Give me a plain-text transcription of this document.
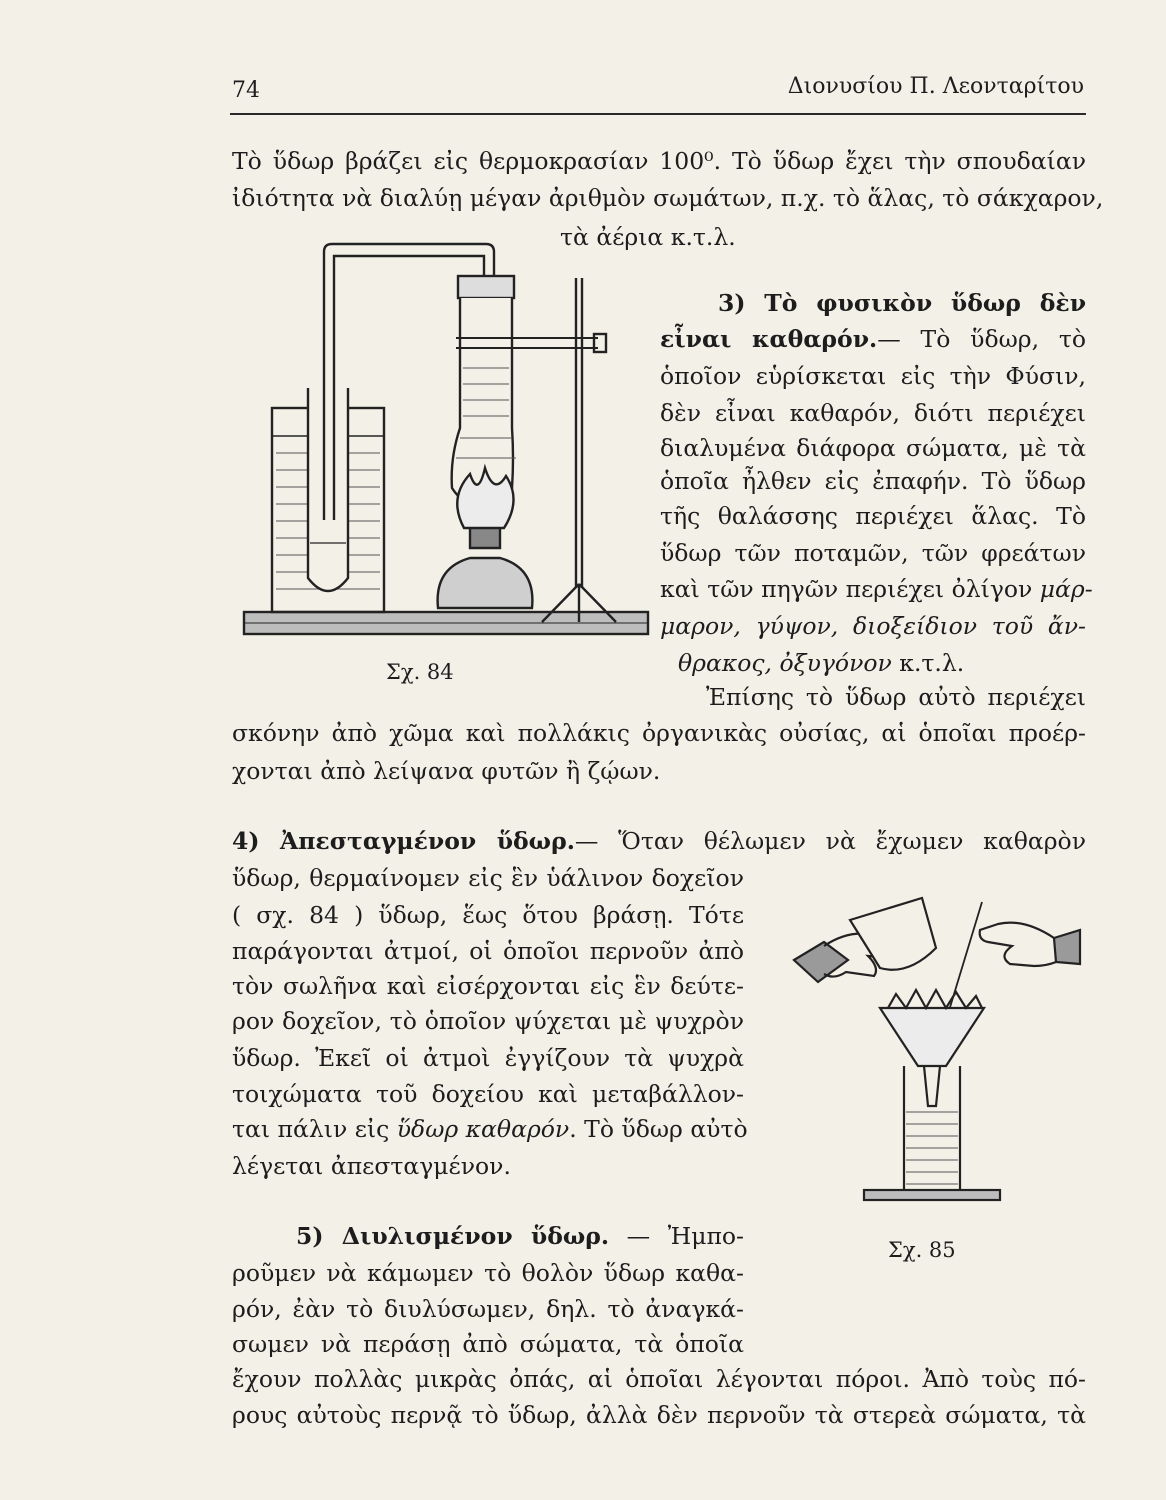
74	Διονυσίου Π. Λεονταρίτου
Τὸ ὕδωρ βράζει εἰς θερμοκρασίαν 100⁰. Τὸ ὕδωρ ἔχει τὴν σπουδαίαν
ἰδιότητα νὰ διαλύῃ μέγαν ἀριθμὸν σωμάτων, π.χ. τὸ ἅλας, τὸ σάκχαρον,
τὰ ἀέρια κ.τ.λ.
Σχ. 84
3) Τὸ φυσικὸν ὕδωρ δὲν
εἶναι καθαρόν.— Τὸ ὕδωρ, τὸ
ὁποῖον εὑρίσκεται εἰς τὴν Φύσιν,
δὲν εἶναι καθαρόν, διότι περιέχει
διαλυμένα διάφορα σώματα, μὲ τὰ
ὁποῖα ἦλθεν εἰς ἐπαφήν. Τὸ ὕδωρ
τῆς θαλάσσης περιέχει ἅλας. Τὸ
ὕδωρ τῶν ποταμῶν, τῶν φρεάτων
καὶ τῶν πηγῶν περιέχει ὀλίγον μάρ-
μαρον, γύψον, διοξείδιον τοῦ ἄν-
θρακος, ὀξυγόνον κ.τ.λ.
Ἐπίσης τὸ ὕδωρ αὐτὸ περιέχει
σκόνην ἀπὸ χῶμα καὶ πολλάκις ὀργανικὰς οὐσίας, αἱ ὁποῖαι προέρ-
χονται ἀπὸ λείψανα φυτῶν ἢ ζῴων.
4) Ἀπεσταγμένον ὕδωρ.— Ὅταν θέλωμεν νὰ ἔχωμεν καθαρὸν
ὕδωρ, θερμαίνομεν εἰς ἓν ὑάλινον δοχεῖον
( σχ. 84 ) ὕδωρ, ἕως ὅτου βράσῃ. Τότε
παράγονται ἀτμοί, οἱ ὁποῖοι περνοῦν ἀπὸ
τὸν σωλῆνα καὶ εἰσέρχονται εἰς ἓν δεύτε-
ρον δοχεῖον, τὸ ὁποῖον ψύχεται μὲ ψυχρὸν
ὕδωρ. Ἐκεῖ οἱ ἀτμοὶ ἐγγίζουν τὰ ψυχρὰ
τοιχώματα τοῦ δοχείου καὶ μεταβάλλον-
ται πάλιν εἰς ὕδωρ καθαρόν. Τὸ ὕδωρ αὐτὸ
λέγεται ἀπεσταγμένον.
Σχ. 85
5) Διυλισμένον ὕδωρ. — Ἠμπο-
ροῦμεν νὰ κάμωμεν τὸ θολὸν ὕδωρ καθα-
ρόν, ἐὰν τὸ διυλύσωμεν, δηλ. τὸ ἀναγκά-
σωμεν νὰ περάσῃ ἀπὸ σώματα, τὰ ὁποῖα
ἔχουν πολλὰς μικρὰς ὀπάς, αἱ ὁποῖαι λέγονται πόροι. Ἀπὸ τοὺς πό-
ρους αὐτοὺς περνᾷ τὸ ὕδωρ, ἀλλὰ δὲν περνοῦν τὰ στερεὰ σώματα, τὰ
